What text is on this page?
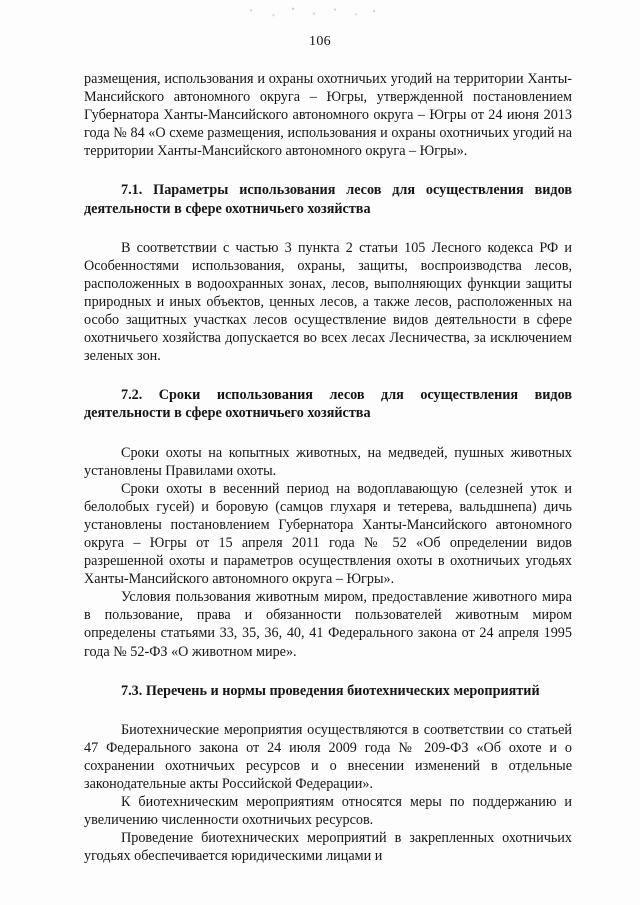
106

размещения, использования и охраны охотничьих угодий на территории Ханты-Мансийского автономного округа – Югры, утвержденной постановлением Губернатора Ханты-Мансийского автономного округа – Югры от 24 июня 2013 года № 84 «О схеме размещения, использования и охраны охотничьих угодий на территории Ханты-Мансийского автономного округа – Югры».

7.1. Параметры использования лесов для осуществления видов деятельности в сфере охотничьего хозяйства

В соответствии с частью 3 пункта 2 статьи 105 Лесного кодекса РФ и Особенностями использования, охраны, защиты, воспроизводства лесов, расположенных в водоохранных зонах, лесов, выполняющих функции защиты природных и иных объектов, ценных лесов, а также лесов, расположенных на особо защитных участках лесов осуществление видов деятельности в сфере охотничьего хозяйства допускается во всех лесах Лесничества, за исключением зеленых зон.

7.2. Сроки использования лесов для осуществления видов деятельности в сфере охотничьего хозяйства

Сроки охоты на копытных животных, на медведей, пушных животных установлены Правилами охоты.

Сроки охоты в весенний период на водоплавающую (селезней уток и белолобых гусей) и боровую (самцов глухаря и тетерева, вальдшнепа) дичь установлены постановлением Губернатора Ханты-Мансийского автономного округа – Югры от 15 апреля 2011 года № 52 «Об определении видов разрешенной охоты и параметров осуществления охоты в охотничьих угодьях Ханты-Мансийского автономного округа – Югры».

Условия пользования животным миром, предоставление животного мира в пользование, права и обязанности пользователей животным миром определены статьями 33, 35, 36, 40, 41 Федерального закона от 24 апреля 1995 года № 52-ФЗ «О животном мире».

7.3. Перечень и нормы проведения биотехнических мероприятий

Биотехнические мероприятия осуществляются в соответствии со статьей 47 Федерального закона от 24 июля 2009 года № 209-ФЗ «Об охоте и о сохранении охотничьих ресурсов и о внесении изменений в отдельные законодательные акты Российской Федерации».

К биотехническим мероприятиям относятся меры по поддержанию и увеличению численности охотничьих ресурсов.

Проведение биотехнических мероприятий в закрепленных охотничьих угодьях обеспечивается юридическими лицами и
